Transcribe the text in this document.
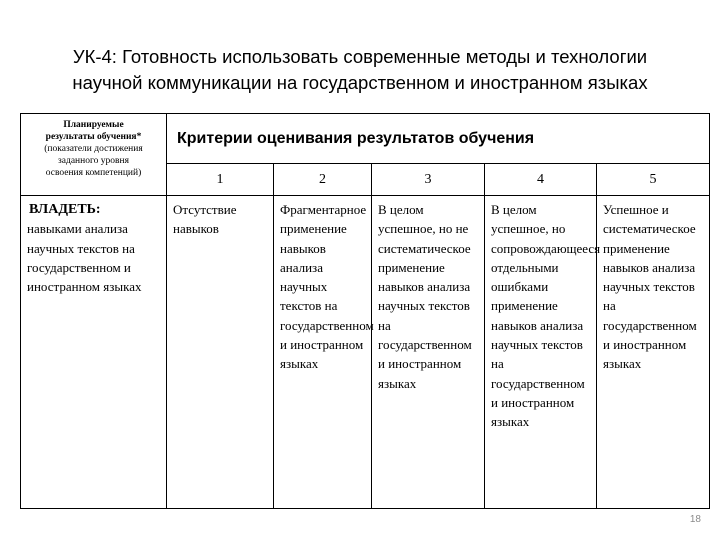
УК-4: Готовность использовать современные методы и технологии
научной коммуникации на государственном и иностранном языках
Планируемые
результаты обучения*
(показатели достижения
заданного уровня
освоения компетенций)	Критерии оценивания результатов обучения				
	1	2	3	4	5

ВЛАДЕТЬ:
навыками анализа научных текстов на государственном и иностранном языках	Отсутствие навыков	Фрагментарное применение навыков анализа научных текстов на государственном и иностранном языках	В целом успешное, но не систематическое применение навыков анализа научных текстов на государственном и иностранном языках	В целом успешное, но сопровождающееся отдельными ошибками применение навыков анализа научных текстов на государственном и иностранном языках	Успешное и систематическое применение навыков анализа научных текстов на государственном и иностранном языках
18
